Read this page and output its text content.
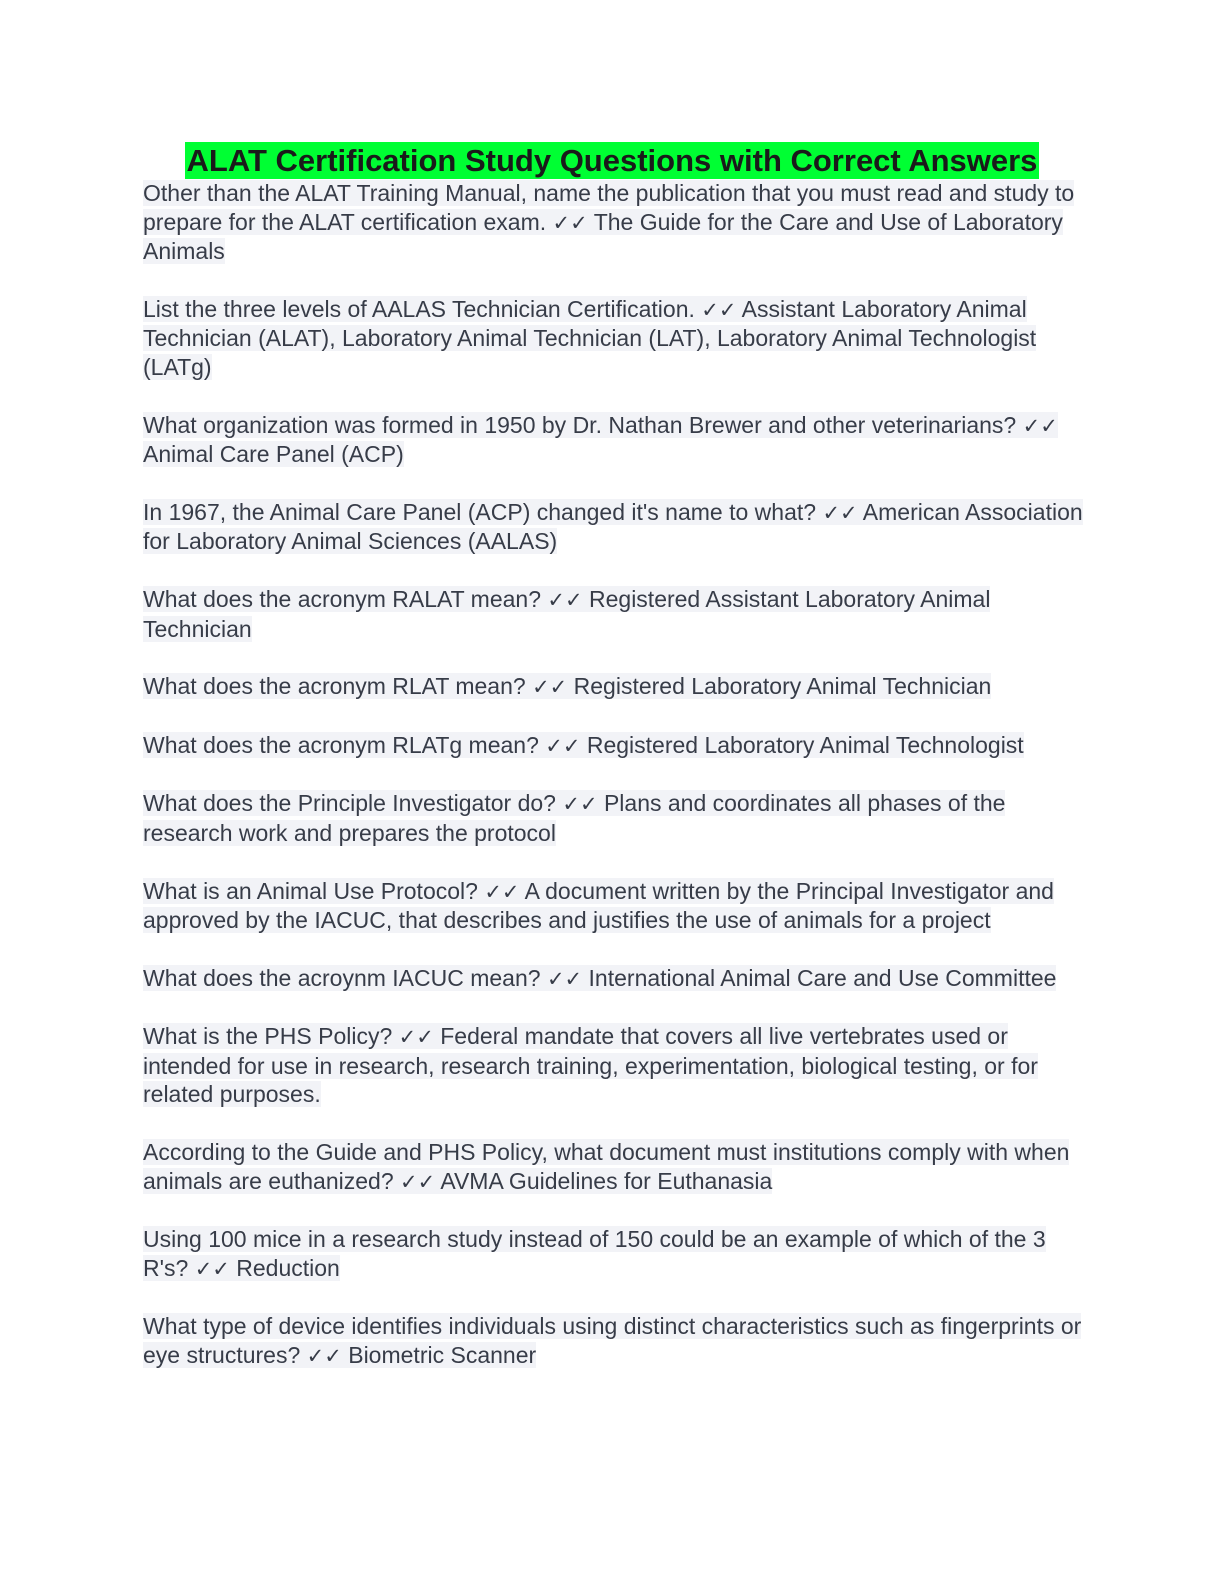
ALAT Certification Study Questions with Correct Answers
Other than the ALAT Training Manual, name the publication that you must read and study to prepare for the ALAT certification exam. ✓✓ The Guide for the Care and Use of Laboratory Animals
List the three levels of AALAS Technician Certification. ✓✓ Assistant Laboratory Animal Technician (ALAT), Laboratory Animal Technician (LAT), Laboratory Animal Technologist (LATg)
What organization was formed in 1950 by Dr. Nathan Brewer and other veterinarians? ✓✓ Animal Care Panel (ACP)
In 1967, the Animal Care Panel (ACP) changed it's name to what? ✓✓ American Association for Laboratory Animal Sciences (AALAS)
What does the acronym RALAT mean? ✓✓ Registered Assistant Laboratory Animal Technician
What does the acronym RLAT mean? ✓✓ Registered Laboratory Animal Technician
What does the acronym RLATg mean? ✓✓ Registered Laboratory Animal Technologist
What does the Principle Investigator do? ✓✓ Plans and coordinates all phases of the research work and prepares the protocol
What is an Animal Use Protocol? ✓✓ A document written by the Principal Investigator and approved by the IACUC, that describes and justifies the use of animals for a project
What does the acroynm IACUC mean? ✓✓ International Animal Care and Use Committee
What is the PHS Policy? ✓✓ Federal mandate that covers all live vertebrates used or intended for use in research, research training, experimentation, biological testing, or for related purposes.
According to the Guide and PHS Policy, what document must institutions comply with when animals are euthanized? ✓✓ AVMA Guidelines for Euthanasia
Using 100 mice in a research study instead of 150 could be an example of which of the 3 R's? ✓✓ Reduction
What type of device identifies individuals using distinct characteristics such as fingerprints or eye structures? ✓✓ Biometric Scanner
